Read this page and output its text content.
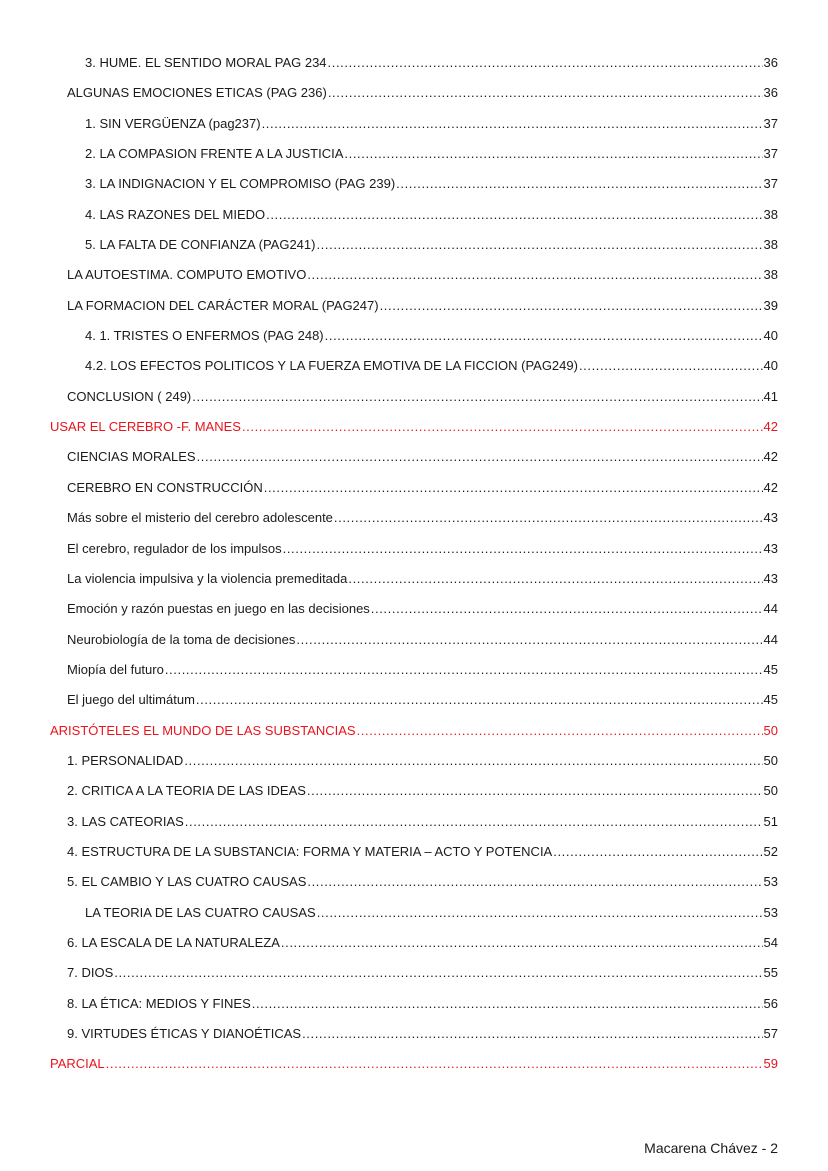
3. HUME. EL SENTIDO MORAL PAG 234 .....	36
ALGUNAS EMOCIONES ETICAS (PAG 236) .....	36
1. SIN VERGÜENZA (pag237) .....	37
2. LA COMPASION FRENTE A LA JUSTICIA .....	37
3. LA INDIGNACION Y EL COMPROMISO (PAG 239) .....	37
4. LAS RAZONES DEL MIEDO .....	38
5. LA FALTA DE CONFIANZA (PAG241) .....	38
LA AUTOESTIMA. COMPUTO EMOTIVO .....	38
LA FORMACION DEL CARÁCTER MORAL (PAG247) .....	39
4. 1. TRISTES O ENFERMOS (PAG 248) .....	40
4.2. LOS EFECTOS POLITICOS Y LA FUERZA EMOTIVA DE LA FICCION (PAG249) .....	40
CONCLUSION ( 249) .....	41
USAR EL CEREBRO -F. MANES .....	42
CIENCIAS MORALES .....	42
CEREBRO EN CONSTRUCCIÓN .....	42
Más sobre el misterio del cerebro adolescente .....	43
El cerebro, regulador de los impulsos .....	43
La violencia impulsiva y la violencia premeditada .....	43
Emoción y razón puestas en juego en las decisiones .....	44
Neurobiología de la toma de decisiones .....	44
Miopía del futuro .....	45
El juego del ultimátum .....	45
ARISTÓTELES EL MUNDO DE LAS SUBSTANCIAS .....	50
1. PERSONALIDAD .....	50
2. CRITICA A LA TEORIA DE LAS IDEAS .....	50
3. LAS CATEORIAS .....	51
4. ESTRUCTURA DE LA SUBSTANCIA: FORMA Y MATERIA – ACTO Y POTENCIA .....	52
5. EL CAMBIO Y LAS CUATRO CAUSAS .....	53
LA TEORIA DE LAS CUATRO CAUSAS .....	53
6. LA ESCALA DE LA NATURALEZA .....	54
7. DIOS .....	55
8. LA ÉTICA: MEDIOS Y FINES .....	56
9. VIRTUDES ÉTICAS Y DIANOÉTICAS .....	57
PARCIAL .....	59
Macarena Chávez - 2
